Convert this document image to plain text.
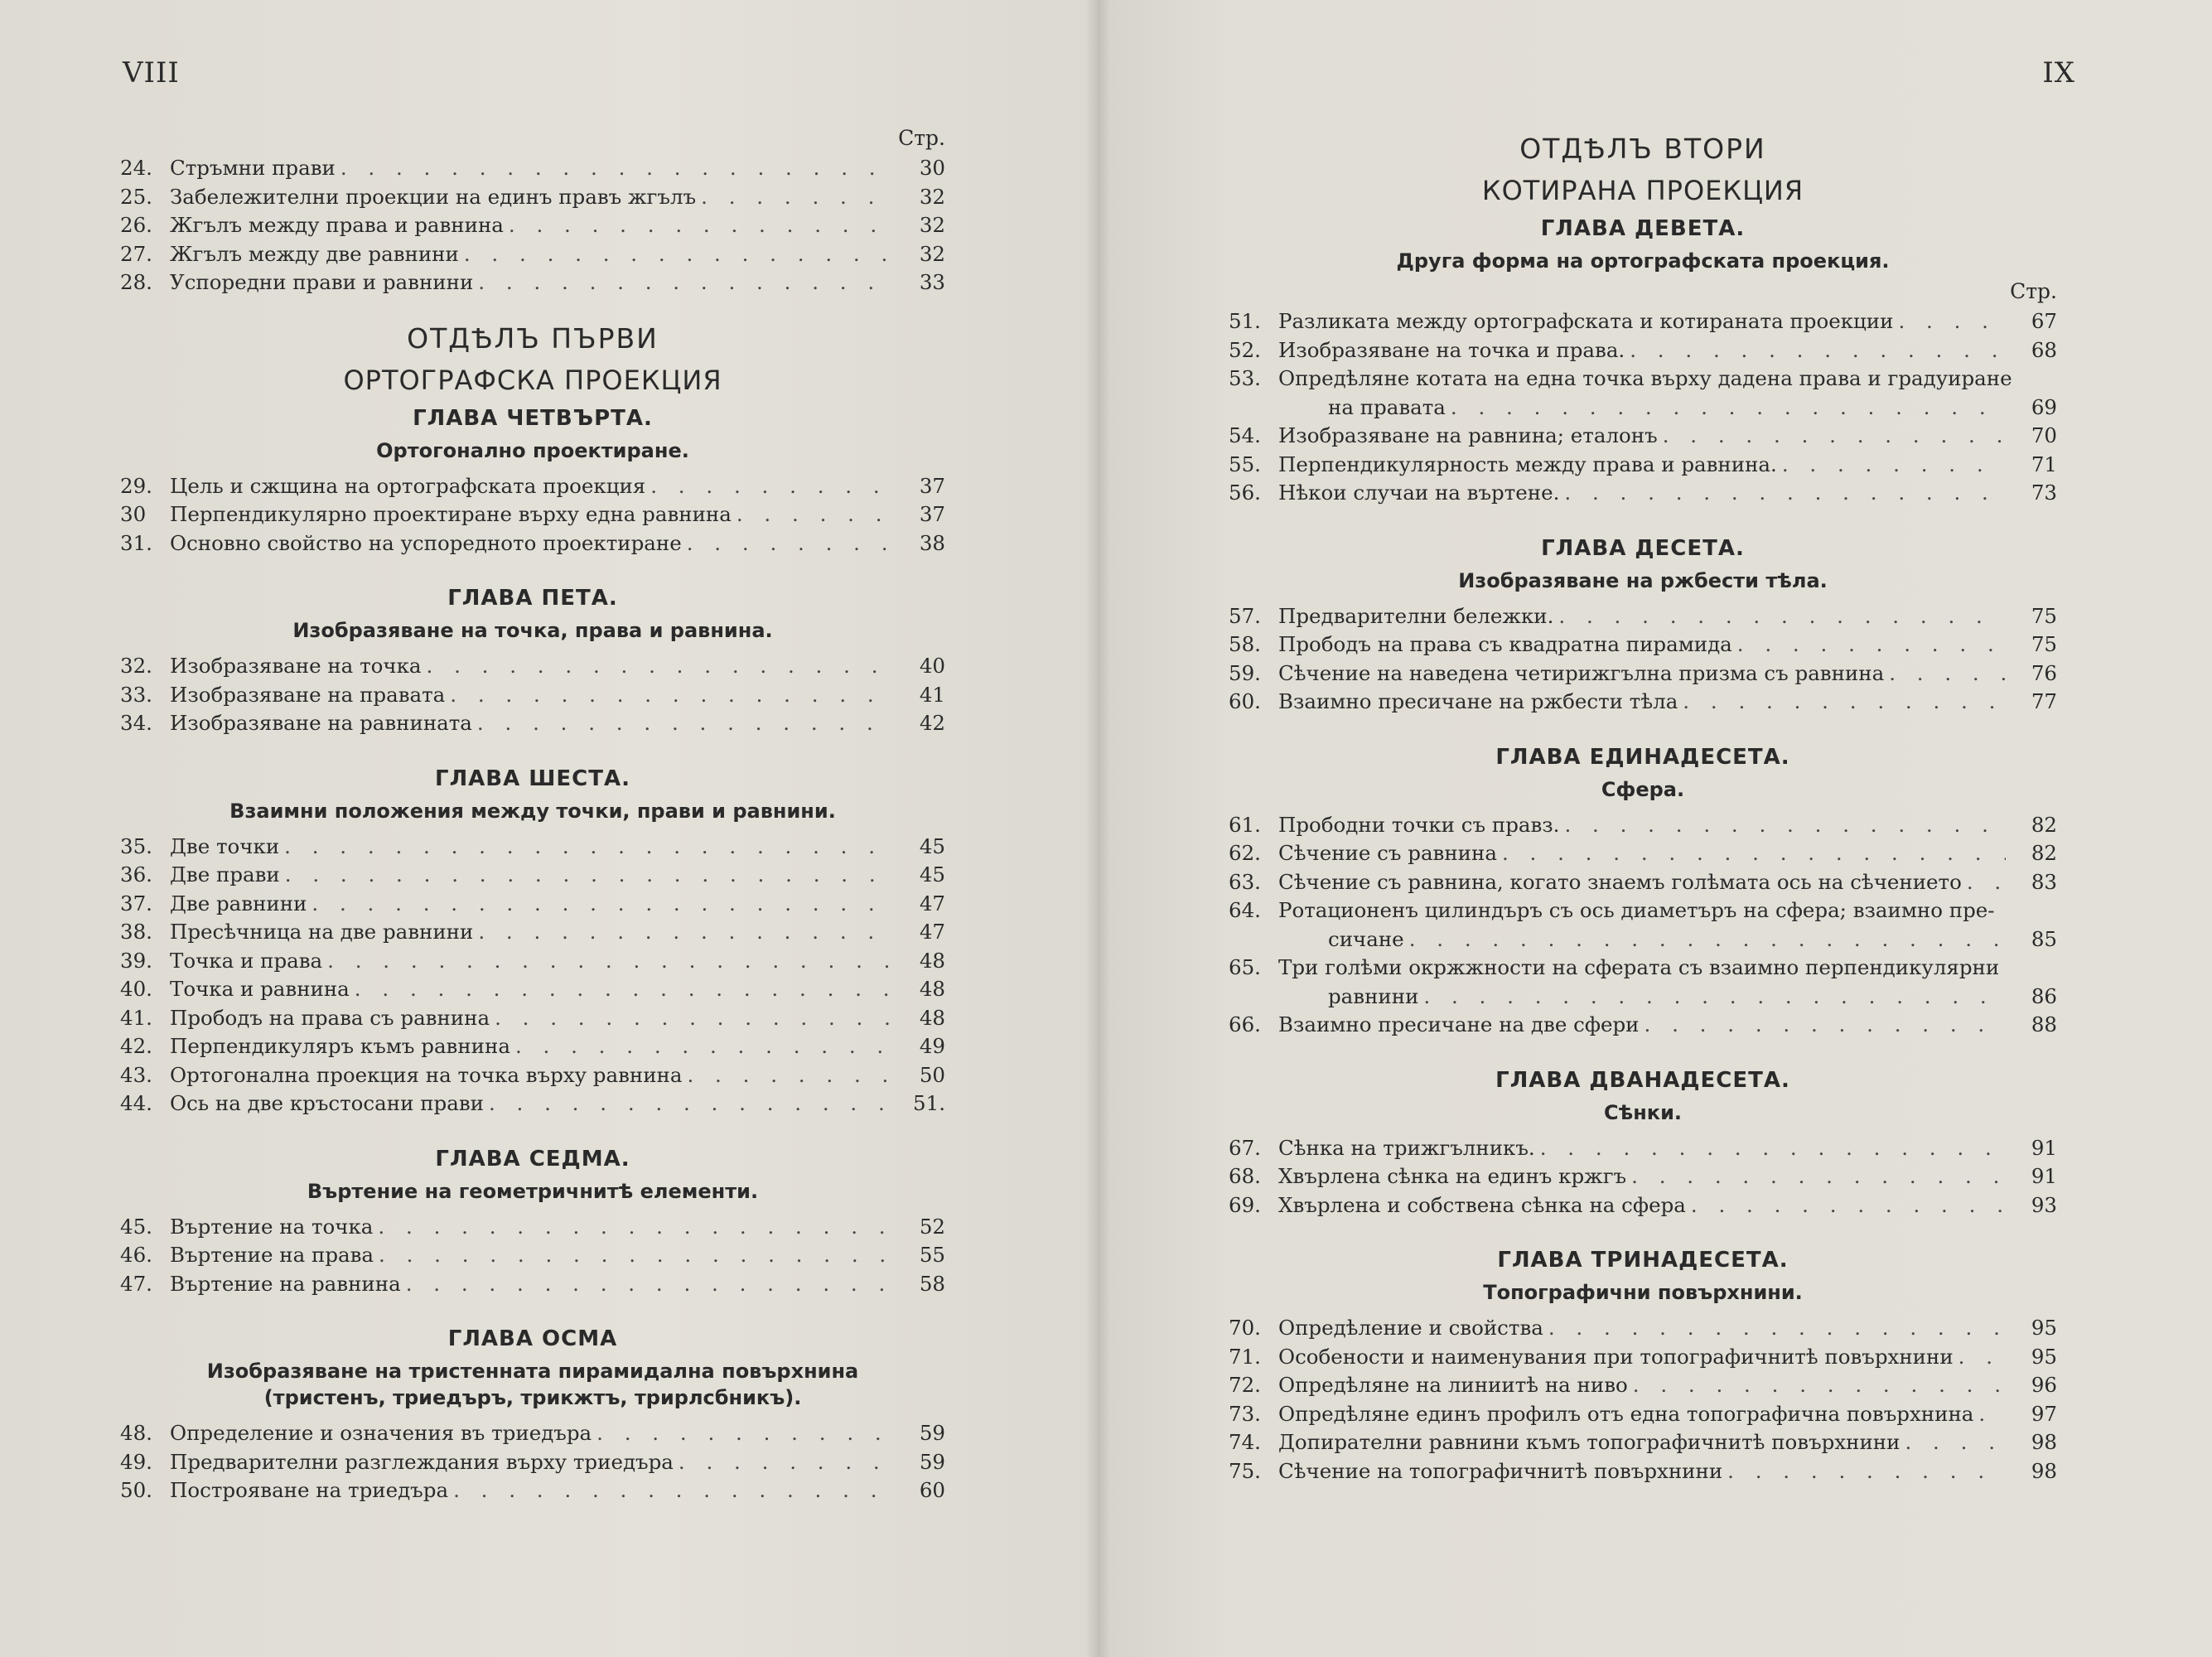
VIII
Стр.
24. Стръмни прави . . .	30
25. Забележителни проекции на единъ правъ жгълъ . . .	32
26. Жгълъ между права и равнина . . .	32
27. Жгълъ между две равнини . . .	32
28. Успоредни прави и равнини . . .	33
ОТДѢЛЪ ПЪРВИ
ОРТОГРАФСКА ПРОЕКЦИЯ
ГЛАВА ЧЕТВЪРТА.
Ортогонално проектиране.
29. Цель и сжщина на ортографската проекция . . .	37
30	Перпендикулярно проектиране върху една равнина . . .	37
31. Основно свойство на успоредното проектиране . . .	38
ГЛАВА ПЕТА.
Изобразяване на точка, права и равнина.
32. Изобразяване на точка . . .	40
33. Изобразяване на правата . . .	41
34. Изобразяване на равнината . . .	42
ГЛАВА ШЕСТА.
Взаимни положения между точки, прави и равнини.
35. Две точки . . .	45
36. Две прави . . .	45
37. Две равнини . . .	47
38. Пресѣчница на две равнини . . .	47
39. Точка и права . . .	48
40. Точка и равнина . . .	48
41. Прободъ на права съ равнина . . .	48
42. Перпендикуляръ къмъ равнина . . .	49
43. Ортогонална проекция на точка върху равнина . . .	50
44. Ось на две кръстосани прави . . .	51.
ГЛАВА СЕДМА.
Въртение на геометричнитѣ елементи.
45. Въртение на точка . . .	52
46. Въртение на права . . .	55
47. Въртение на равнина . . .	58
ГЛАВА ОСМА
Изобразяване на тристенната пирамидална повърхнина
(тристенъ, триедъръ, трикжтъ, трирлсбникъ).
48. Определение и означения въ триедъра . . .	59
49. Предварителни разглеждания върху триедъра . . .	59
50. Построяване на триедъра . . .	60
IX
ОТДѢЛЪ ВТОРИ
КОТИРАНА ПРОЕКЦИЯ
ГЛАВА ДЕВЕТА.
Друга форма на ортографската проекция.
Стр.
51. Разликата между ортографската и котираната проекции . . .	67
52. Изобразяване на точка и права. . . .	68
53. Опредѣляне котата на една точка върху дадена права и градуиране
на правата . . .	69
54. Изобразяване на равнина; еталонъ . . .	70
55. Перпендикулярность между права и равнина. . . .	71
56. Нѣкои случаи на въртене. . . .	73
ГЛАВА ДЕСЕТА.
Изобразяване на ржбести тѣла.
57. Предварителни бележки. . . .	75
58. Прободъ на права съ квадратна пирамида . . .	75
59. Сѣчение на наведена четирижгълна призма съ равнина . . .	76
60. Взаимно пресичане на ржбести тѣла . . .	77
ГЛАВА ЕДИНАДЕСЕТА.
Сфера.
61. Прободни точки съ правз. . . .	82
62. Сѣчение съ равнина . . .	82
63. Сѣчение съ равнина, когато знаемъ голѣмата ось на сѣчението . . .	83
64. Ротационенъ цилиндъръ съ ось диаметъръ на сфера; взаимно пре-
сичане . . .	85
65. Три голѣми окржжности на сферата съ взаимно перпендикулярни
равнини . . .	86
66. Взаимно пресичане на две сфери . . .	88
ГЛАВА ДВАНАДЕСЕТА.
Сѣнки.
67. Сѣнка на трижгълникъ. . . .	91
68. Хвърлена сѣнка на единъ кржгъ . . .	91
69. Хвърлена и собствена сѣнка на сфера . . .	93
ГЛАВА ТРИНАДЕСЕТА.
Топографични повърхнини.
70. Опредѣление и свойства . . .	95
71. Особености и наименувания при топографичнитѣ повърхнини . . .	95
72. Опредѣляне на линиитѣ на ниво . . .	96
73. Опредѣляне единъ профилъ отъ една топографична повърхнина . . .	97
74. Допирателни равнини къмъ топографичнитѣ повърхнини . . .	98
75. Сѣчение на топографичнитѣ повърхнини . . .	98
